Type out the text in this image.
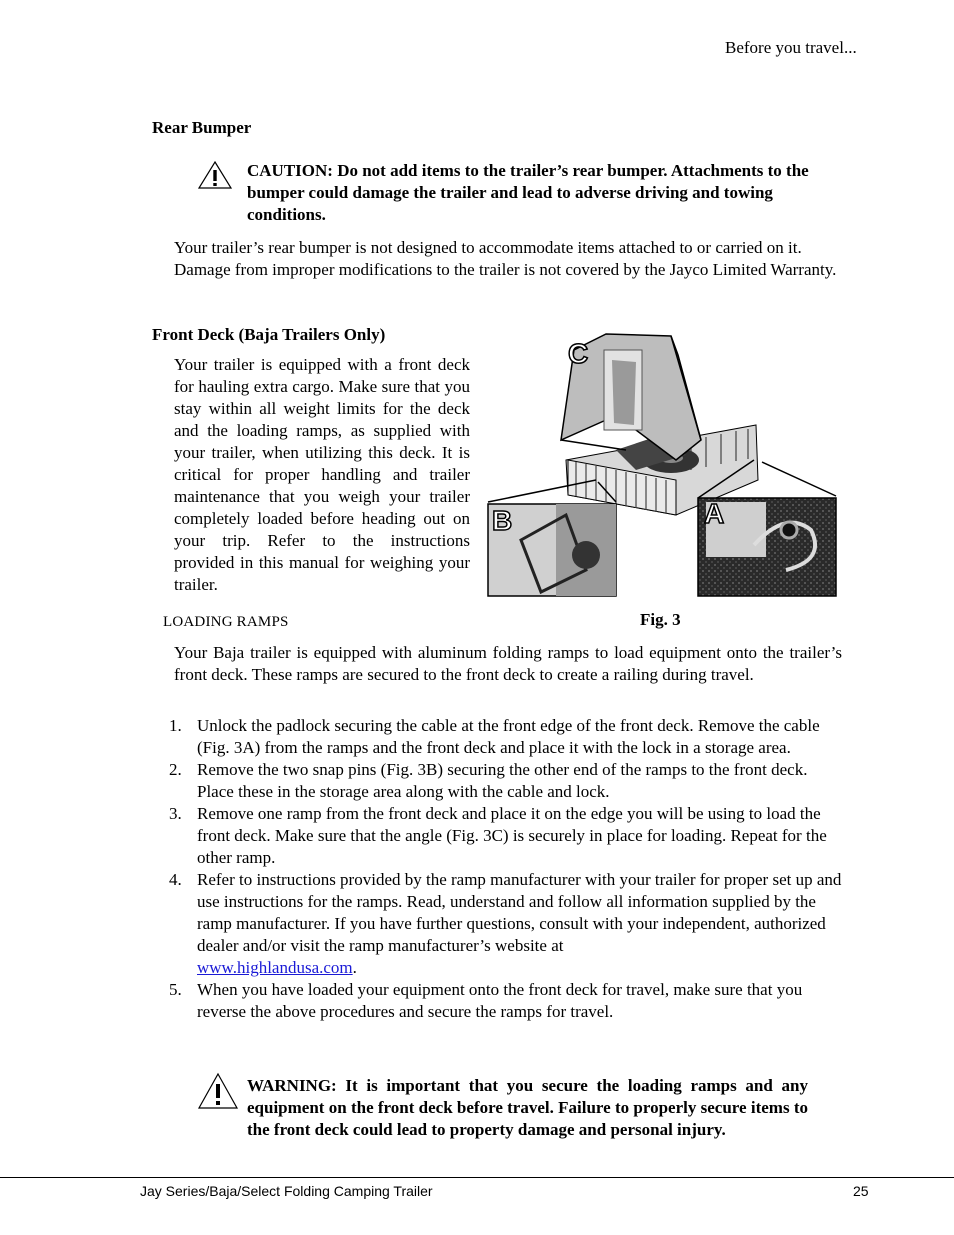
Before you travel...
Rear Bumper
CAUTION: Do not add items to the trailer’s rear bumper. Attachments to the bumper could damage the trailer and lead to adverse driving and towing conditions.
Your trailer’s rear bumper is not designed to accommodate items attached to or carried on it. Damage from improper modifications to the trailer is not covered by the Jayco Limited Warranty.
Front Deck (Baja Trailers Only)
Your trailer is equipped with a front deck for hauling extra cargo. Make sure that you stay within all weight limits for the deck and the loading ramps, as supplied with your trailer, when utilizing this deck. It is critical for proper handling and trailer maintenance that you weigh your trailer completely loaded before heading out on your trip. Refer to the instructions provided in this manual for weighing your trailer.
C
B	A
Fig. 3
LOADING RAMPS
Your Baja trailer is equipped with aluminum folding ramps to load equipment onto the trailer’s front deck. These ramps are secured to the front deck to create a railing during travel.
1. Unlock the padlock securing the cable at the front edge of the front deck. Remove the cable (Fig. 3A) from the ramps and the front deck and place it with the lock in a storage area.
2. Remove the two snap pins (Fig. 3B) securing the other end of the ramps to the front deck. Place these in the storage area along with the cable and lock.
3. Remove one ramp from the front deck and place it on the edge you will be using to load the front deck. Make sure that the angle (Fig. 3C) is securely in place for loading. Repeat for the other ramp.
4. Refer to instructions provided by the ramp manufacturer with your trailer for proper set up and use instructions for the ramps. Read, understand and follow all information supplied by the ramp manufacturer. If you have further questions, consult with your independent, authorized dealer and/or visit the ramp manufacturer’s website at
www.highlandusa.com.
5. When you have loaded your equipment onto the front deck for travel, make sure that you reverse the above procedures and secure the ramps for travel.
WARNING: It is important that you secure the loading ramps and any equipment on the front deck before travel. Failure to properly secure items to the front deck could lead to property damage and personal injury.
Jay Series/Baja/Select Folding Camping Trailer	25
